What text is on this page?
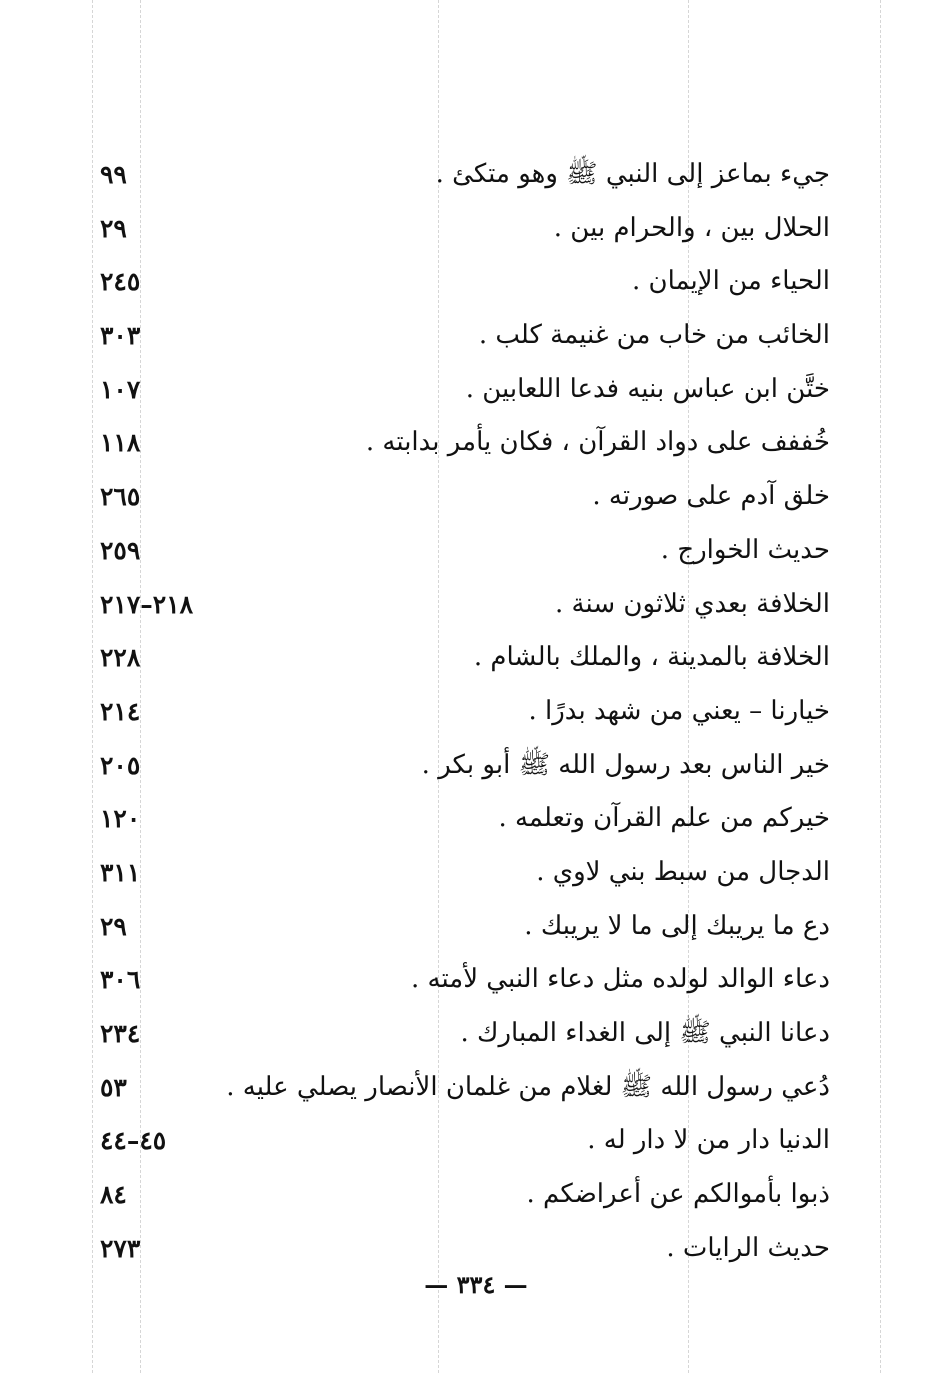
جيء بماعز إلى النبي ﷺ وهو متكئ .
٩٩
الحلال بين ، والحرام بين .
٢٩
الحياء من الإيمان .
٢٤٥
الخائب من خاب من غنيمة كلب .
٣٠٣
ختَّن ابن عباس بنيه فدعا اللعابين .
١٠٧
خُففف على دواد القرآن ، فكان يأمر بدابته .
١١٨
خلق آدم على صورته .
٢٦٥
حديث الخوارج .
٢٥٩
الخلافة بعدي ثلاثون سنة .
٢١٨–٢١٧
الخلافة بالمدينة ، والملك بالشام .
٢٢٨
خيارنا – يعني من شهد بدرًا .
٢١٤
خير الناس بعد رسول الله ﷺ أبو بكر .
٢٠٥
خيركم من علم القرآن وتعلمه .
١٢٠
الدجال من سبط بني لاوي .
٣١١
دع ما يريبك إلى ما لا يريبك .
٢٩
دعاء الوالد لولده مثل دعاء النبي لأمته .
٣٠٦
دعانا النبي ﷺ إلى الغداء المبارك .
٢٣٤
دُعي رسول الله ﷺ لغلام من غلمان الأنصار يصلي عليه .
٥٣
الدنيا دار من لا دار له .
٤٥–٤٤
ذبوا بأموالكم عن أعراضكم .
٨٤
حديث الرايات .
٢٧٣
— ٣٣٤ —
